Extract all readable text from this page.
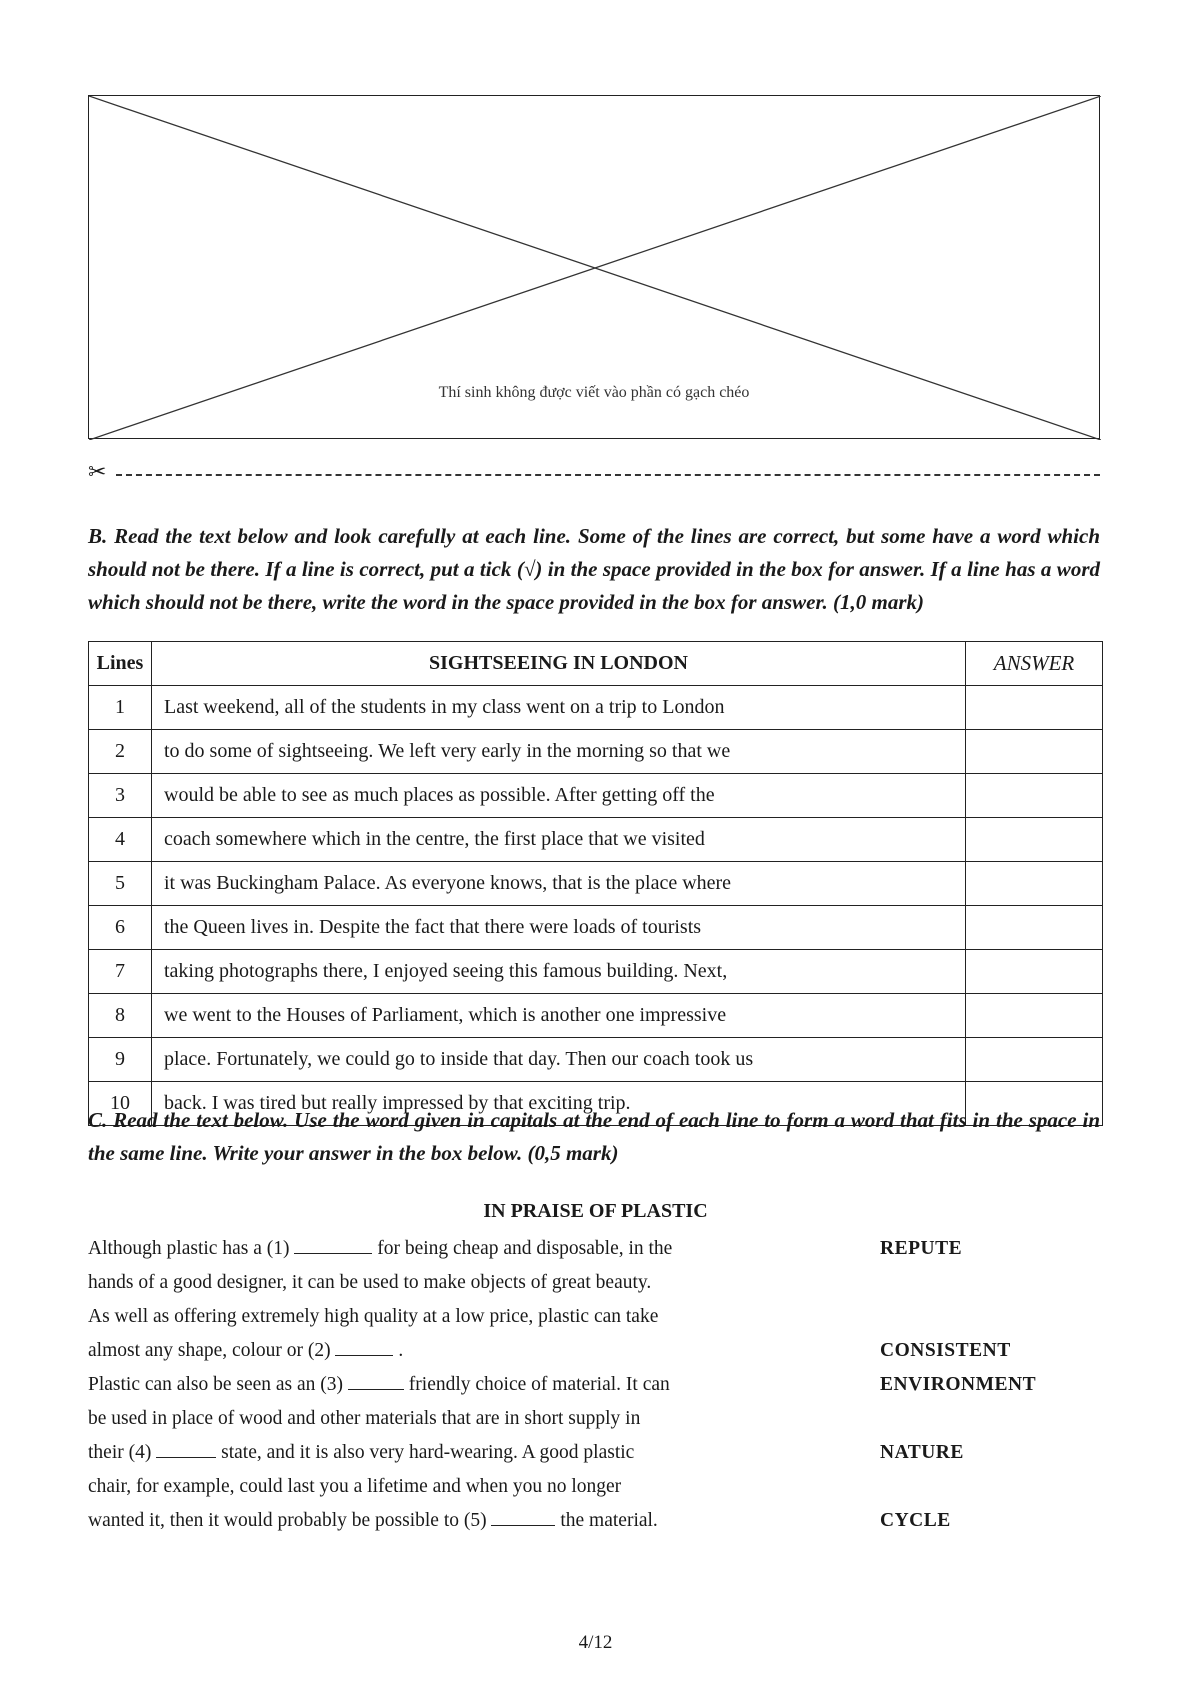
Thí sinh không được viết vào phần có gạch chéo
✂

B. Read the text below and look carefully at each line. Some of the lines are correct, but some have a word which should not be there. If a line is correct, put a tick (√) in the space provided in the box for answer. If a line has a word which should not be there, write the word in the space provided in the box for answer. (1,0 mark)

Lines	SIGHTSEEING IN LONDON	ANSWER
1	Last weekend, all of the students in my class went on a trip to London	
2	to do some of sightseeing. We left very early in the morning so that we	
3	would be able to see as much places as possible. After getting off the	
4	coach somewhere which in the centre, the first place that we visited	
5	it was Buckingham Palace. As everyone knows, that is the place where	
6	the Queen lives in. Despite the fact that there were loads of tourists	
7	taking photographs there, I enjoyed seeing this famous building. Next,	
8	we went to the Houses of Parliament, which is another one impressive	
9	place. Fortunately, we could go to inside that day. Then our coach took us	
10	back. I was tired but really impressed by that exciting trip.	

C. Read the text below. Use the word given in capitals at the end of each line to form a word that fits in the space in the same line. Write your answer in the box below. (0,5 mark)

IN PRAISE OF PLASTIC
Although plastic has a (1)	for being cheap and disposable, in the	REPUTE
hands of a good designer, it can be used to make objects of great beauty.
As well as offering extremely high quality at a low price, plastic can take
almost any shape, colour or (2)	.	CONSISTENT
Plastic can also be seen as an (3)	friendly choice of material. It can	ENVIRONMENT
be used in place of wood and other materials that are in short supply in
their (4)	state, and it is also very hard-wearing. A good plastic	NATURE
chair, for example, could last you a lifetime and when you no longer
wanted it, then it would probably be possible to (5)	the material.	CYCLE
4/12
